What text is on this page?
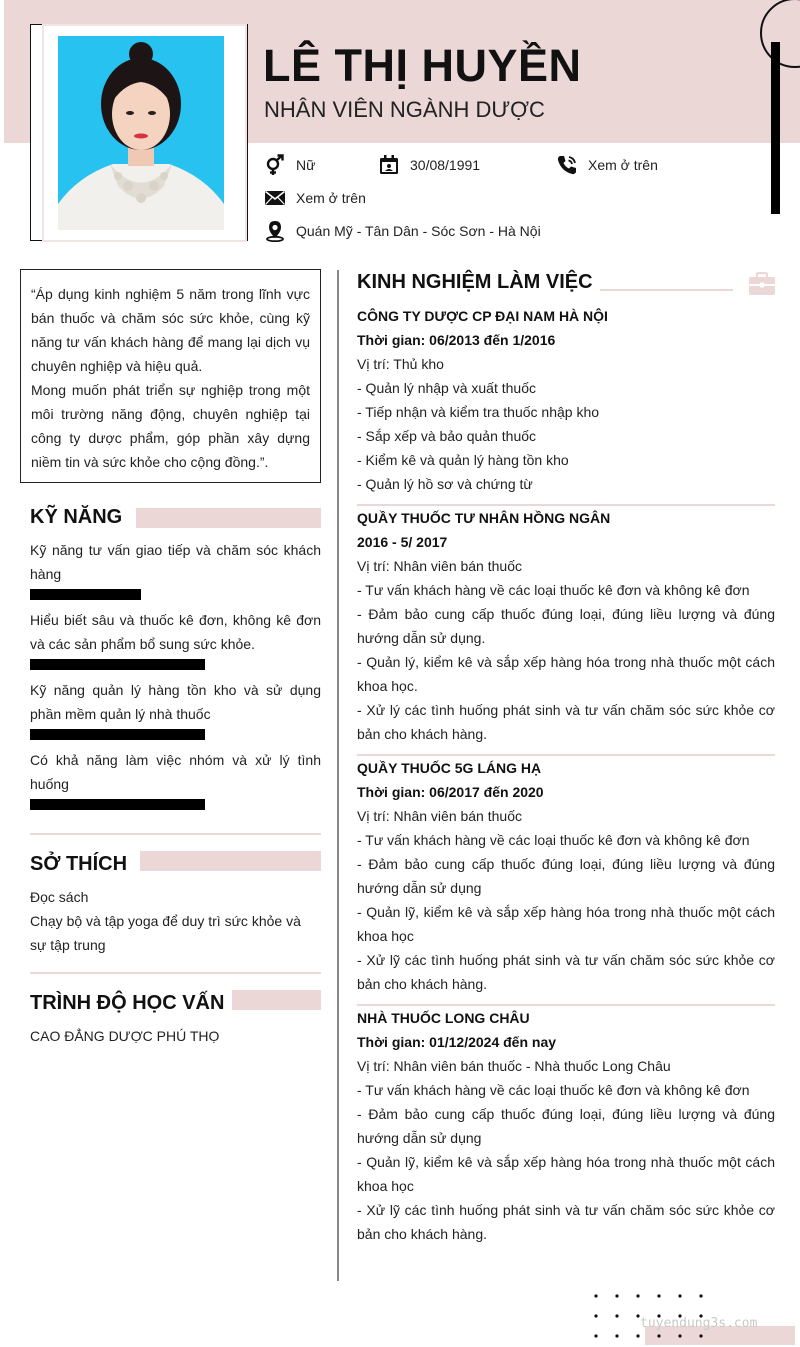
LÊ THỊ HUYỀN
NHÂN VIÊN NGÀNH DƯỢC
Nữ	30/08/1991	Xem ở trên
Xem ở trên
Quán Mỹ - Tân Dân - Sóc Sơn - Hà Nội

“Áp dụng kinh nghiệm 5 năm trong lĩnh vực bán thuốc và chăm sóc sức khỏe, cùng kỹ năng tư vấn khách hàng để mang lại dịch vụ chuyên nghiệp và hiệu quả.

Mong muốn phát triển sự nghiệp trong một môi trường năng động, chuyên nghiệp tại công ty dược phẩm, góp phần xây dựng niềm tin và sức khỏe cho cộng đồng.”.

KỸ NĂNG
Kỹ năng tư vấn giao tiếp và chăm sóc khách hàng
Hiểu biết sâu và thuốc kê đơn, không kê đơn và các sản phẩm bổ sung sức khỏe.
Kỹ năng quản lý hàng tồn kho và sử dụng phần mềm quản lý nhà thuốc
Có khả năng làm việc nhóm và xử lý tình huống
SỞ THÍCH
Đọc sách
Chạy bộ và tập yoga để duy trì sức khỏe và sự tập trung
TRÌNH ĐỘ HỌC VẤN
CAO ĐẲNG DƯỢC PHÚ THỌ
KINH NGHIỆM LÀM VIỆC
CÔNG TY DƯỢC CP ĐẠI NAM HÀ NỘI
Thời gian: 06/2013 đến 1/2016
Vị trí: Thủ kho
- Quản lý nhập và xuất thuốc
- Tiếp nhận và kiểm tra thuốc nhập kho
- Sắp xếp và bảo quản thuốc
- Kiểm kê và quản lý hàng tồn kho
- Quản lý hồ sơ và chứng từ
QUẦY THUỐC TƯ NHÂN HỒNG NGÂN
2016 - 5/ 2017
Vị trí: Nhân viên bán thuốc
- Tư vấn khách hàng về các loại thuốc kê đơn và không kê đơn
- Đảm bảo cung cấp thuốc đúng loại, đúng liều lượng và đúng hướng dẫn sử dụng.
- Quản lý, kiểm kê và sắp xếp hàng hóa trong nhà thuốc một cách khoa học.
- Xử lý các tình huống phát sinh và tư vấn chăm sóc sức khỏe cơ bản cho khách hàng.
QUẦY THUỐC 5G LÁNG HẠ
Thời gian: 06/2017 đến 2020
Vị trí: Nhân viên bán thuốc
- Tư vấn khách hàng về các loại thuốc kê đơn và không kê đơn
- Đảm bảo cung cấp thuốc đúng loại, đúng liều lượng và đúng hướng dẫn sử dụng
- Quản lỹ, kiểm kê và sắp xếp hàng hóa trong nhà thuốc một cách khoa học
- Xử lỹ các tình huống phát sinh và tư vấn chăm sóc sức khỏe cơ bản cho khách hàng.
NHÀ THUỐC LONG CHÂU
Thời gian: 01/12/2024 đến nay
Vị trí: Nhân viên bán thuốc - Nhà thuốc Long Châu
- Tư vấn khách hàng về các loại thuốc kê đơn và không kê đơn
- Đảm bảo cung cấp thuốc đúng loại, đúng liều lượng và đúng hướng dẫn sử dụng
- Quản lỹ, kiểm kê và sắp xếp hàng hóa trong nhà thuốc một cách khoa học
- Xử lỹ các tình huống phát sinh và tư vấn chăm sóc sức khỏe cơ bản cho khách hàng.
tuyendung3s.com
